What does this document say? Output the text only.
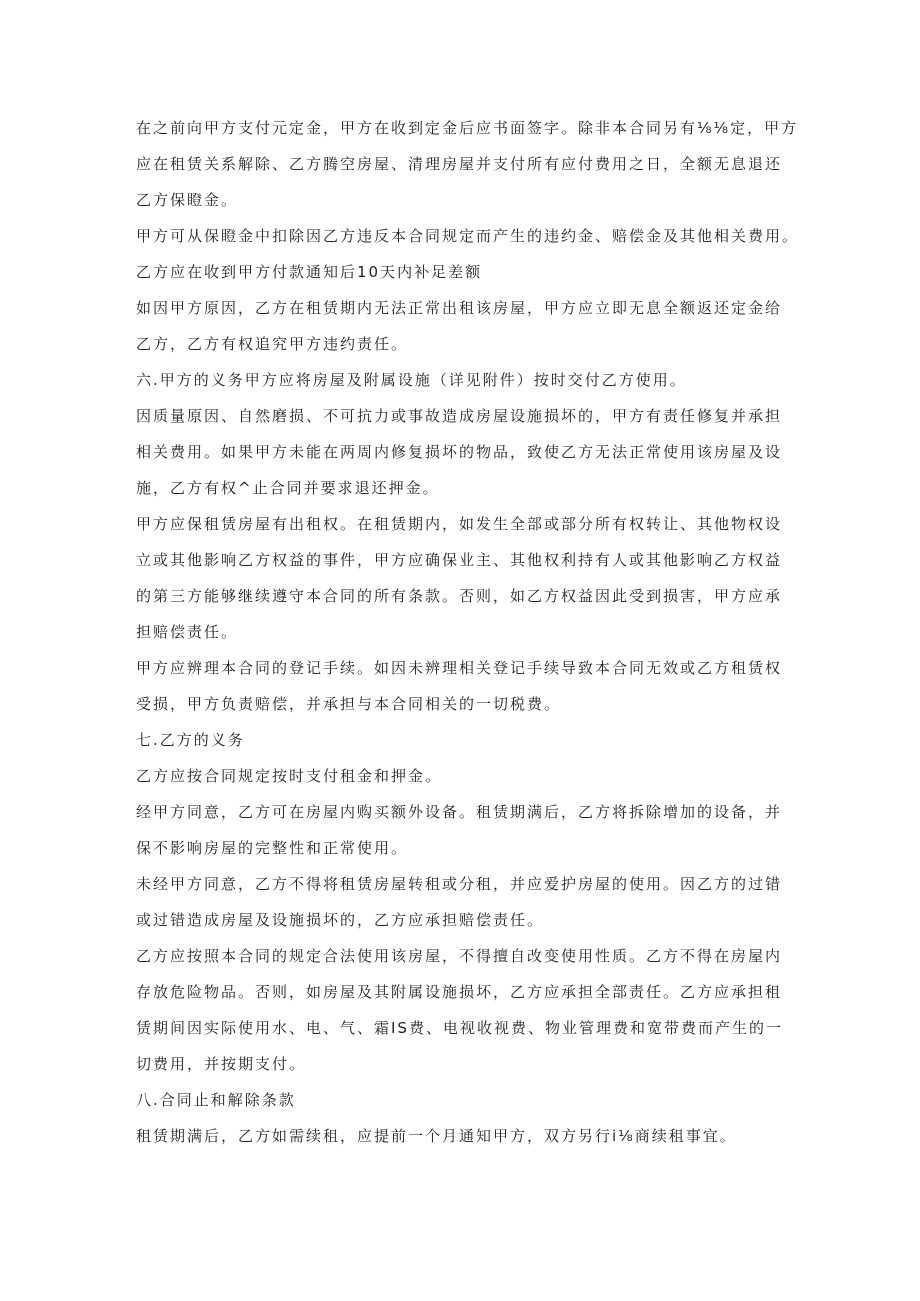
在之前向甲方支付元定金，甲方在收到定金后应书面签字。除非本合同另有⅛⅛定，甲方
应在租赁关系解除、乙方腾空房屋、清理房屋并支付所有应付费用之日，全额无息退还
乙方保瞪金。
甲方可从保瞪金中扣除因乙方违反本合同规定而产生的违约金、赔偿金及其他相关费用。
乙方应在收到甲方付款通知后10天内补足差额
如因甲方原因，乙方在租赁期内无法正常出租该房屋，甲方应立即无息全额返还定金给
乙方，乙方有权追究甲方违约责任。
六.甲方的义务甲方应将房屋及附属设施（详见附件）按时交付乙方使用。
因质量原因、自然磨损、不可抗力或事故造成房屋设施损坏的，甲方有责任修复并承担
相关费用。如果甲方未能在两周内修复损坏的物品，致使乙方无法正常使用该房屋及设
施，乙方有权^止合同并要求退还押金。
甲方应保租赁房屋有出租权。在租赁期内，如发生全部或部分所有权转让、其他物权设
立或其他影响乙方权益的事件，甲方应确保业主、其他权利持有人或其他影响乙方权益
的第三方能够继续遵守本合同的所有条款。否则，如乙方权益因此受到损害，甲方应承
担赔偿责任。
甲方应辨理本合同的登记手续。如因未辨理相关登记手续导致本合同无效或乙方租赁权
受损，甲方负责赔偿，并承担与本合同相关的一切税费。
七.乙方的义务
乙方应按合同规定按时支付租金和押金。
经甲方同意，乙方可在房屋内购买额外设备。租赁期满后，乙方将拆除增加的设备，并
保不影响房屋的完整性和正常使用。
未经甲方同意，乙方不得将租赁房屋转租或分租，并应爱护房屋的使用。因乙方的过错
或过错造成房屋及设施损坏的，乙方应承担赔偿责任。
乙方应按照本合同的规定合法使用该房屋，不得擅自改变使用性质。乙方不得在房屋内
存放危险物品。否则，如房屋及其附属设施损坏，乙方应承担全部责任。乙方应承担租
赁期间因实际使用水、电、气、霜IS费、电视收视费、物业管理费和宽带费而产生的一
切费用，并按期支付。
八.合同止和解除条款
租赁期满后，乙方如需续租，应提前一个月通知甲方，双方另行i⅛商续租事宜。
